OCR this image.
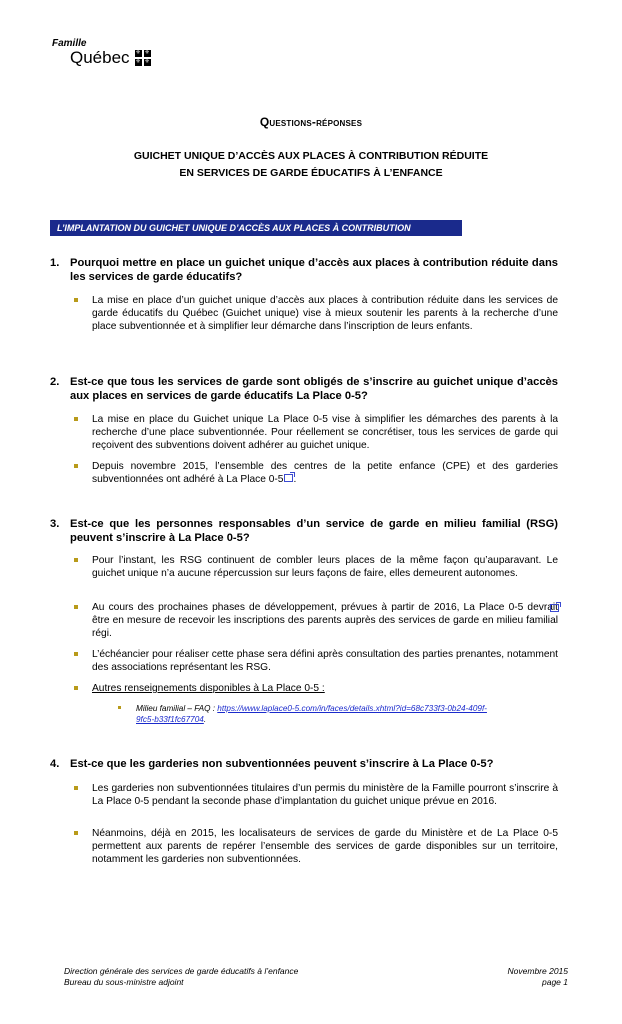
Famille
Québec ⚜ ⚜
⚜ ⚜
Questions-réponses
GUICHET UNIQUE D’ACCÈS AUX PLACES À CONTRIBUTION RÉDUITE
EN SERVICES DE GARDE ÉDUCATIFS À L’ENFANCE
L’IMPLANTATION DU GUICHET UNIQUE D’ACCÈS AUX PLACES À CONTRIBUTION
1. Pourquoi mettre en place un guichet unique d’accès aux places à contribution réduite dans les services de garde éducatifs?
La mise en place d’un guichet unique d’accès aux places à contribution réduite dans les services de garde éducatifs du Québec (Guichet unique) vise à mieux soutenir les parents à la recherche d’une place subventionnée et à simplifier leur démarche dans l’inscription de leurs enfants.
2. Est-ce que tous les services de garde sont obligés de s’inscrire au guichet unique d’accès aux places en services de garde éducatifs La Place 0-5?
La mise en place du Guichet unique La Place 0-5 vise à simplifier les démarches des parents à la recherche d’une place subventionnée. Pour réellement se concrétiser, tous les services de garde qui reçoivent des subventions doivent adhérer au guichet unique.
Depuis novembre 2015, l’ensemble des centres de la petite enfance (CPE) et des garderies subventionnées ont adhéré à La Place 0-5 .
3. Est-ce que les personnes responsables d’un service de garde en milieu familial (RSG) peuvent s’inscrire à La Place 0-5?
Pour l’instant, les RSG continuent de combler leurs places de la même façon qu’auparavant. Le guichet unique n’a aucune répercussion sur leurs façons de faire, elles demeurent autonomes.
Au cours des prochaines phases de développement, prévues à partir de 2016, La Place 0-5 devrait être en mesure de recevoir les inscriptions des parents auprès des services de garde en milieu familial régi.
L’échéancier pour réaliser cette phase sera défini après consultation des parties prenantes, notamment des associations représentant les RSG.
Autres renseignements disponibles à La Place 0-5 :
Milieu familial – FAQ : https://www.laplace0-5.com/in/faces/details.xhtml?id=68c733f3-0b24-409f-
9fc5-b33f1fc67704.
4. Est-ce que les garderies non subventionnées peuvent s’inscrire à La Place 0-5?
Les garderies non subventionnées titulaires d’un permis du ministère de la Famille pourront s’inscrire à La Place 0-5 pendant la seconde phase d’implantation du guichet unique prévue en 2016.
Néanmoins, déjà en 2015, les localisateurs de services de garde du Ministère et de La Place 0-5 permettent aux parents de repérer l’ensemble des services de garde disponibles sur un territoire, notamment les garderies non subventionnées.
Direction générale des services de garde éducatifs à l’enfance
Bureau du sous-ministre adjoint
Novembre 2015
page 1
